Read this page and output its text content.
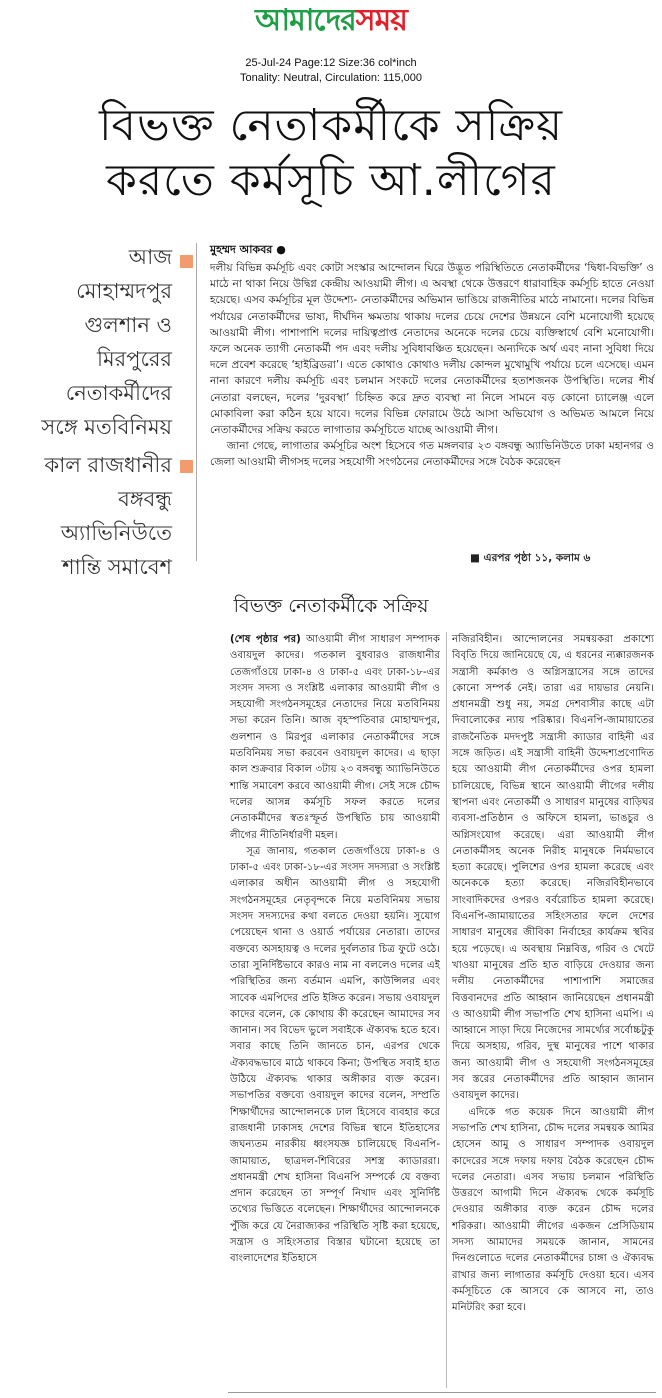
আমাদেরসময়
25-Jul-24 Page:12 Size:36 col*inch
Tonality: Neutral, Circulation: 115,000
বিভক্ত নেতাকর্মীকে সক্রিয়
করতে কর্মসূচি আ.লীগের
আজ
মোহাম্মদপুর
গুলশান ও
মিরপুরের
নেতাকর্মীদের
সঙ্গে মতবিনিময়
কাল রাজধানীর
বঙ্গবন্ধু
অ্যাভিনিউতে
শান্তি সমাবেশ
মুহম্মদ আকবর ●

দলীয় বিভিন্ন কর্মসূচি এবং কোটা সংস্কার আন্দোলন ঘিরে উদ্ভূত পরিস্থিতিতে নেতাকর্মীদের ‘দ্বিধা-বিভক্তি’ ও মাঠে না থাকা নিয়ে উদ্বিগ্ন কেন্দ্রীয় আওয়ামী লীগ। এ অবস্থা থেকে উত্তরণে ধারাবাহিক কর্মসূচি হাতে নেওয়া হয়েছে। এসব কর্মসূচির মূল উদ্দেশ্য- নেতাকর্মীদের অভিমান ভাঙিয়ে রাজনীতির মাঠে নামানো। দলের বিভিন্ন পর্যায়ের নেতাকর্মীদের ভাষ্য, দীর্ঘদিন ক্ষমতায় থাকায় দলের চেয়ে দেশের উন্নয়নে বেশি মনোযোগী হয়েছে আওয়ামী লীগ। পাশাপাশি দলের দায়িত্বপ্রাপ্ত নেতাদের অনেকে দলের চেয়ে ব্যক্তিস্বার্থে বেশি মনোযোগী। ফলে অনেক ত্যাগী নেতাকর্মী পদ এবং দলীয় সুবিধাবঞ্চিত হয়েছেন। অন্যদিকে অর্থ এবং নানা সুবিধা দিয়ে দলে প্রবেশ করেছে ‘হাইব্রিডরা’। এতে কোথাও কোথাও দলীয় কোন্দল মুখোমুখি পর্যায়ে চলে এসেছে। এমন নানা কারণে দলীয় কর্মসূচি এবং চলমান সংকটে দলের নেতাকর্মীদের হতাশজনক উপস্থিতি। দলের শীর্ষ নেতারা বলছেন, দলের ‘দুরবস্থা’ চিহ্নিত করে দ্রুত ব্যবস্থা না নিলে সামনে বড় কোনো চ্যালেঞ্জ এলে মোকাবিলা করা কঠিন হয়ে যাবে। দলের বিভিন্ন ফোরামে উঠে আসা অভিযোগ ও অভিমত আমলে নিয়ে নেতাকর্মীদের সক্রিয় করতে লাগাতার কর্মসূচিতে যাচ্ছে আওয়ামী লীগ।

জানা গেছে, লাগাতার কর্মসূচির অংশ হিসেবে গত মঙ্গলবার ২৩ বঙ্গবন্ধু অ্যাভিনিউতে ঢাকা মহানগর ও জেলা আওয়ামী লীগসহ দলের সহযোগী সংগঠনের নেতাকর্মীদের সঙ্গে বৈঠক করেছেন

■ এরপর পৃষ্ঠা ১১, কলাম ৬
বিভক্ত নেতাকর্মীকে সক্রিয়

(শেষ পৃষ্ঠার পর) আওয়ামী লীগ সাধারণ সম্পাদক ওবায়দুল কাদের। গতকাল বুধবারও রাজধানীর তেজগাঁওয়ে ঢাকা-৪ ও ঢাকা-৫ এবং ঢাকা-১৮-এর সংসদ সদস্য ও সংশ্লিষ্ট এলাকার আওয়ামী লীগ ও সহযোগী সংগঠনসমূহের নেতাদের নিয়ে মতবিনিময় সভা করেন তিনি। আজ বৃহস্পতিবার মোহাম্মদপুর, গুলশান ও মিরপুর এলাকার নেতাকর্মীদের সঙ্গে মতবিনিময় সভা করবেন ওবায়দুল কাদের। এ ছাড়া কাল শুক্রবার বিকাল ৩টায় ২৩ বঙ্গবন্ধু অ্যাভিনিউতে শান্তি সমাবেশ করবে আওয়ামী লীগ। সেই সঙ্গে চৌদ্দ দলের আসন্ন কর্মসূচি সফল করতে দলের নেতাকর্মীদের স্বতঃস্ফূর্ত উপস্থিতি চায় আওয়ামী লীগের নীতিনির্ধারণী মহল।

সূত্র জানায়, গতকাল তেজগাঁওয়ে ঢাকা-৪ ও ঢাকা-৫ এবং ঢাকা-১৮-এর সংসদ সদস্যরা ও সংশ্লিষ্ট এলাকার অধীন আওয়ামী লীগ ও সহযোগী সংগঠনসমূহের নেতৃবৃন্দকে নিয়ে মতবিনিময় সভায় সংসদ সদস্যদের কথা বলতে দেওয়া হয়নি। সুযোগ পেয়েছেন থানা ও ওয়ার্ড পর্যায়ের নেতারা। তাদের বক্তব্যে অসহায়ত্ব ও দলের দুর্বলতার চিত্র ফুটে ওঠে। তারা সুনির্দিষ্টভাবে কারও নাম না বললেও দলের এই পরিস্থিতির জন্য বর্তমান এমপি, কাউন্সিলর এবং সাবেক এমপিদের প্রতি ইঙ্গিত করেন। সভায় ওবায়দুল কাদের বলেন, কে কোথায় কী করেছেন আমাদের সব জানান। সব বিভেদ ভুলে সবাইকে ঐক্যবদ্ধ হতে হবে। সবার কাছে তিনি জানতে চান, এরপর থেকে ঐক্যবদ্ধভাবে মাঠে থাকবে কিনা; উপস্থিত সবাই হাত উঠিয়ে ঐক্যবদ্ধ থাকার অঙ্গীকার ব্যক্ত করেন। সভাপতির বক্তব্যে ওবায়দুল কাদের বলেন, সম্প্রতি শিক্ষার্থীদের আন্দোলনকে ঢাল হিসেবে ব্যবহার করে রাজধানী ঢাকাসহ দেশের বিভিন্ন স্থানে ইতিহাসের জঘন্যতম নারকীয় ধ্বংসযজ্ঞ চালিয়েছে বিএনপি-জামায়াত, ছাত্রদল-শিবিরের সশস্ত্র ক্যাডাররা। প্রধানমন্ত্রী শেখ হাসিনা বিএনপি সম্পর্কে যে বক্তব্য প্রদান করেছেন তা সম্পূর্ণ নিখাদ এবং সুনির্দিষ্ট তথ্যের ভিত্তিতে বলেছেন। শিক্ষার্থীদের আন্দোলনকে পুঁজি করে যে নৈরাজ্যকর পরিস্থিতি সৃষ্টি করা হয়েছে, সন্ত্রাস ও সহিংসতার বিস্তার ঘটানো হয়েছে তা বাংলাদেশের ইতিহাসে

নজিরবিহীন। আন্দোলনের সমন্বয়করা প্রকাশ্যে বিবৃতি দিয়ে জানিয়েছে যে, এ ধরনের ন্যক্কারজনক সন্ত্রাসী কর্মকাণ্ড ও অগ্নিসন্ত্রাসের সঙ্গে তাদের কোনো সম্পর্ক নেই। তারা এর দায়ভার নেয়নি। প্রধানমন্ত্রী শুধু নয়, সমগ্র দেশবাসীর কাছে এটা দিবালোকের ন্যায় পরিষ্কার। বিএনপি-জামায়াতের রাজনৈতিক মদদপুষ্ট সন্ত্রাসী ক্যাডার বাহিনী এর সঙ্গে জড়িত। এই সন্ত্রাসী বাহিনী উদ্দেশ্যপ্রণোদিত হয়ে আওয়ামী লীগ নেতাকর্মীদের ওপর হামলা চালিয়েছে, বিভিন্ন স্থানে আওয়ামী লীগের দলীয় স্থাপনা এবং নেতাকর্মী ও সাধারণ মানুষের বাড়িঘর ব্যবসা-প্রতিষ্ঠান ও অফিসে হামলা, ভাঙচুর ও অগ্নিসংযোগ করেছে। এরা আওয়ামী লীগ নেতাকর্মীসহ অনেক নিরীহ মানুষকে নির্মমভাবে হত্যা করেছে। পুলিশের ওপর হামলা করেছে এবং অনেককে হত্যা করেছে। নজিরবিহীনভাবে সাংবাদিকদের ওপরও বর্বরোচিত হামলা করেছে। বিএনপি-জামায়াতের সহিংসতার ফলে দেশের সাধারণ মানুষের জীবিকা নির্বাহের কার্যক্রম স্থবির হয়ে পড়েছে। এ অবস্থায় নিম্নবিত্ত, গরিব ও খেটে খাওয়া মানুষের প্রতি হাত বাড়িয়ে দেওয়ার জন্য দলীয় নেতাকর্মীদের পাশাপাশি সমাজের বিত্তবানদের প্রতি আহ্বান জানিয়েছেন প্রধানমন্ত্রী ও আওয়ামী লীগ সভাপতি শেখ হাসিনা এমপি। এ আহ্বানে সাড়া দিয়ে নিজেদের সামর্থ্যের সর্বোচ্চটুকু দিয়ে অসহায়, গরিব, দুস্থ মানুষের পাশে থাকার জন্য আওয়ামী লীগ ও সহযোগী সংগঠনসমূহের সব স্তরের নেতাকর্মীদের প্রতি আহ্বান জানান ওবায়দুল কাদের।

এদিকে গত কয়েক দিনে আওয়ামী লীগ সভাপতি শেখ হাসিনা, চৌদ্দ দলের সমন্বয়ক আমির হোসেন আমু ও সাধারণ সম্পাদক ওবায়দুল কাদেরের সঙ্গে দফায় দফায় বৈঠক করেছেন চৌদ্দ দলের নেতারা। এসব সভায় চলমান পরিস্থিতি উত্তরণে আগামী দিনে ঐক্যবদ্ধ থেকে কর্মসূচি দেওয়ার অঙ্গীকার ব্যক্ত করেন চৌদ্দ দলের শরিকরা। আওয়ামী লীগের একজন প্রেসিডিয়াম সদস্য আমাদের সময়কে জানান, সামনের দিনগুলোতে দলের নেতাকর্মীদের চাঙ্গা ও ঐক্যবদ্ধ রাখার জন্য লাগাতার কর্মসূচি দেওয়া হবে। এসব কর্মসূচিতে কে আসবে কে আসবে না, তাও মনিটরিং করা হবে।
